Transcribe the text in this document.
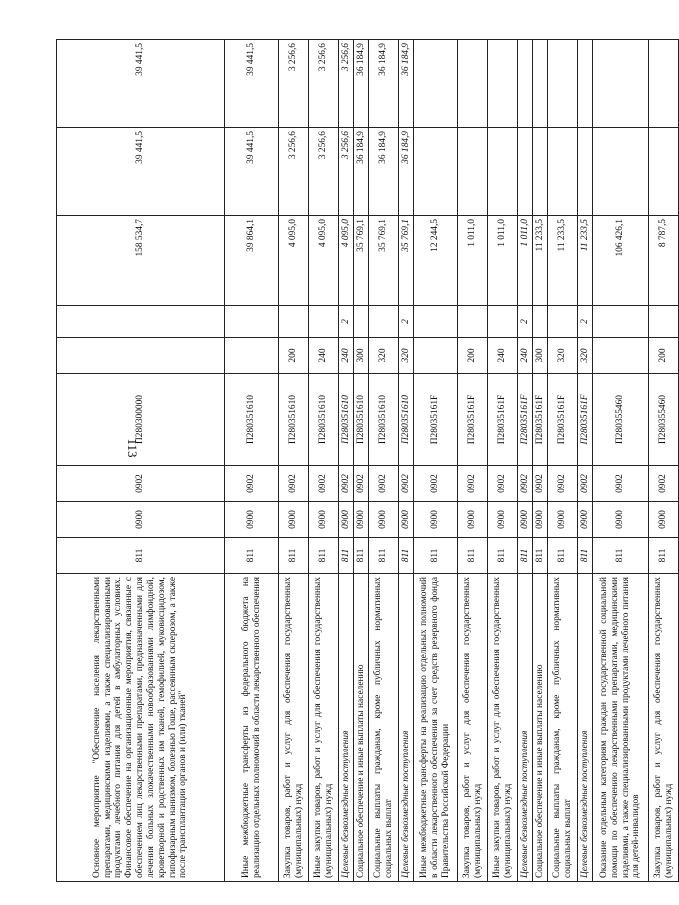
113
Основное мероприятие "Обеспечение населения лекарственными препаратами, медицинскими изделиями, а также специализированными продуктами лечебного питания для детей в амбулаторных условиях. Финансовое обеспечение на организационные мероприятия, связанные с обеспечением лиц лекарственными препаратами, предназначенными для лечения больных злокачественными новообразованиями лимфоидной, кроветворной и родственных им тканей, гемофилией, муковисцидозом, гипофизарным нанизмом, болезнью Гоше, рассеянным склерозом, а также после трансплантации органов и (или) тканей"	811	0900	0902	П280300000			158 534,7	39 441,5	39 441,5
Иные межбюджетные трансферты из федерального бюджета на реализацию отдельных полномочий в области лекарственного обеспечения	811	0900	0902	П280351610			39 864,1	39 441,5	39 441,5
Закупка товаров, работ и услуг для обеспечения государственных (муниципальных) нужд	811	0900	0902	П280351610	200		4 095,0	3 256,6	3 256,6
Иные закупки товаров, работ и услуг для обеспечения государственных (муниципальных) нужд	811	0900	0902	П280351610	240		4 095,0	3 256,6	3 256,6
Целевые безвозмездные поступления	811	0900	0902	П280351610	240	2	4 095,0	3 256,6	3 256,6
Социальное обеспечение и иные выплаты населению	811	0900	0902	П280351610	300		35 769,1	36 184,9	36 184,9
Социальные выплаты гражданам, кроме публичных нормативных социальных выплат	811	0900	0902	П280351610	320		35 769,1	36 184,9	36 184,9
Целевые безвозмездные поступления	811	0900	0902	П280351610	320	2	35 769,1	36 184,9	36 184,9
Иные межбюджетные трансферты на реализацию отдельных полномочий в области лекарственного обеспечения за счет средств резервного фонда Правительства Российской Федерации	811	0900	0902	П28035161F			12 244,5		
Закупка товаров, работ и услуг для обеспечения государственных (муниципальных) нужд	811	0900	0902	П28035161F	200		1 011,0		
Иные закупки товаров, работ и услуг для обеспечения государственных (муниципальных) нужд	811	0900	0902	П28035161F	240		1 011,0		
Целевые безвозмездные поступления	811	0900	0902	П28035161F	240	2	1 011,0		
Социальное обеспечение и иные выплаты населению	811	0900	0902	П28035161F	300		11 233,5		
Социальные выплаты гражданам, кроме публичных нормативных социальных выплат	811	0900	0902	П28035161F	320		11 233,5		
Целевые безвозмездные поступления	811	0900	0902	П28035161F	320	2	11 233,5		
Оказание отдельным категориям граждан государственной социальной помощи по обеспечению лекарственными препаратами, медицинскими изделиями, а также специализированными продуктами лечебного питания для детей-инвалидов	811	0900	0902	П280355460			106 426,1		
Закупка товаров, работ и услуг для обеспечения государственных (муниципальных) нужд	811	0900	0902	П280355460	200		8 787,5		
